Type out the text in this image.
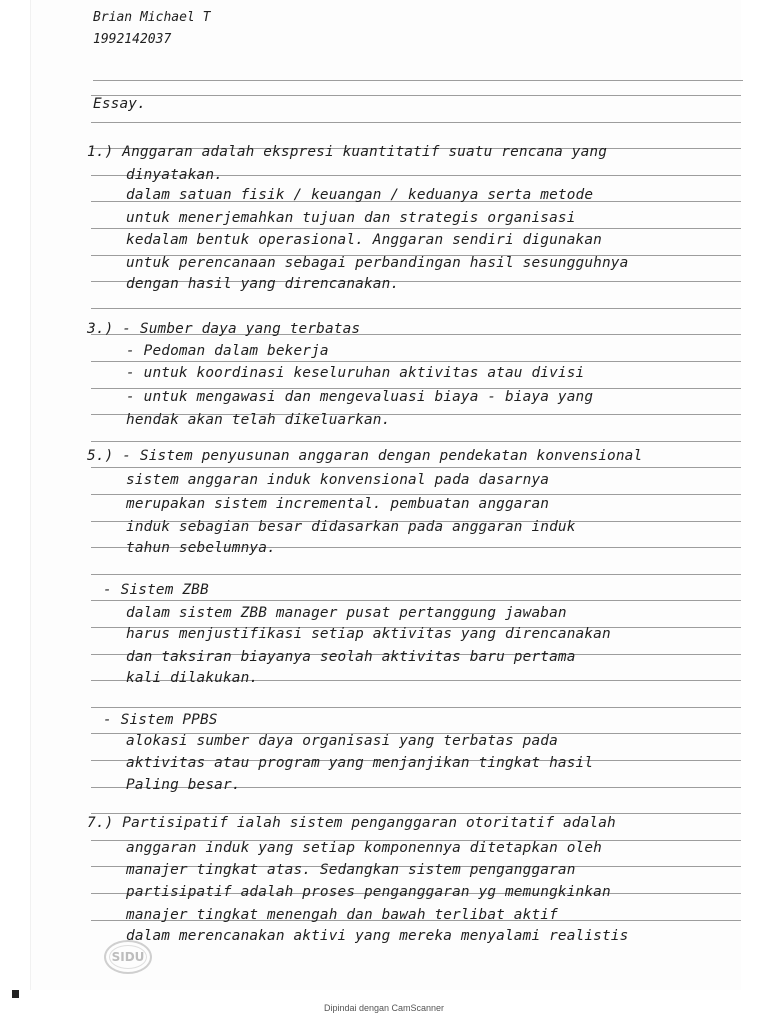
Brian Michael T
1992142037
Essay.
1.) Anggaran adalah ekspresi kuantitatif suatu rencana yang
dinyatakan.
dalam satuan fisik / keuangan / keduanya serta metode
untuk menerjemahkan tujuan dan strategis organisasi
kedalam bentuk operasional. Anggaran sendiri digunakan
untuk perencanaan sebagai perbandingan hasil sesungguhnya
dengan hasil yang direncanakan.
3.) - Sumber daya yang terbatas
- Pedoman dalam bekerja
- untuk koordinasi keseluruhan aktivitas atau divisi
- untuk mengawasi dan mengevaluasi biaya - biaya yang
hendak akan telah dikeluarkan.
5.) - Sistem penyusunan anggaran dengan pendekatan konvensional
sistem anggaran induk konvensional pada dasarnya
merupakan sistem incremental. pembuatan anggaran
induk sebagian besar didasarkan pada anggaran induk
tahun sebelumnya.
- Sistem ZBB
dalam sistem ZBB manager pusat pertanggung jawaban
harus menjustifikasi setiap aktivitas yang direncanakan
dan taksiran biayanya seolah aktivitas baru pertama
kali dilakukan.
- Sistem PPBS
alokasi sumber daya organisasi yang terbatas pada
aktivitas atau program yang menjanjikan tingkat hasil
Paling besar.
7.) Partisipatif ialah sistem penganggaran otoritatif adalah
anggaran induk yang setiap komponennya ditetapkan oleh
manajer tingkat atas. Sedangkan sistem penganggaran
partisipatif adalah proses penganggaran yg memungkinkan
manajer tingkat menengah dan bawah terlibat aktif
dalam merencanakan aktivi yang mereka menyalami realistis
SIDU
Dipindai dengan CamScanner
